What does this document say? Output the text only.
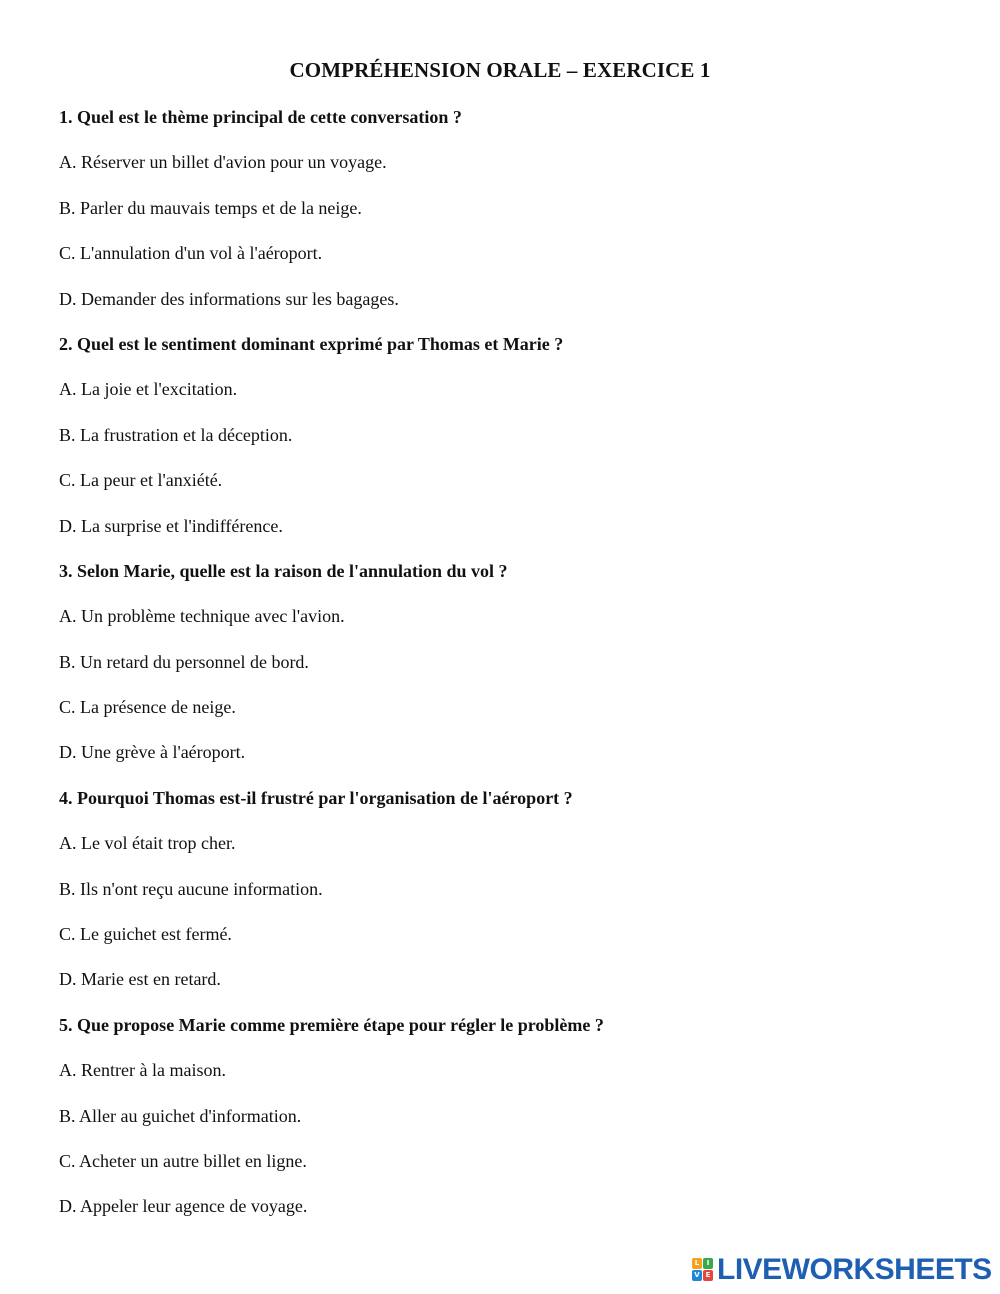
COMPRÉHENSION ORALE – EXERCICE 1
1. Quel est le thème principal de cette conversation ?
A. Réserver un billet d'avion pour un voyage.
B. Parler du mauvais temps et de la neige.
C. L'annulation d'un vol à l'aéroport.
D. Demander des informations sur les bagages.
2. Quel est le sentiment dominant exprimé par Thomas et Marie ?
A. La joie et l'excitation.
B. La frustration et la déception.
C. La peur et l'anxiété.
D. La surprise et l'indifférence.
3. Selon Marie, quelle est la raison de l'annulation du vol ?
A. Un problème technique avec l'avion.
B. Un retard du personnel de bord.
C. La présence de neige.
D. Une grève à l'aéroport.
4. Pourquoi Thomas est-il frustré par l'organisation de l'aéroport ?
A. Le vol était trop cher.
B. Ils n'ont reçu aucune information.
C. Le guichet est fermé.
D. Marie est en retard.
5. Que propose Marie comme première étape pour régler le problème ?
A. Rentrer à la maison.
B. Aller au guichet d'information.
C. Acheter un autre billet en ligne.
D. Appeler leur agence de voyage.
L	I
V E LIVEWORKSHEETS
